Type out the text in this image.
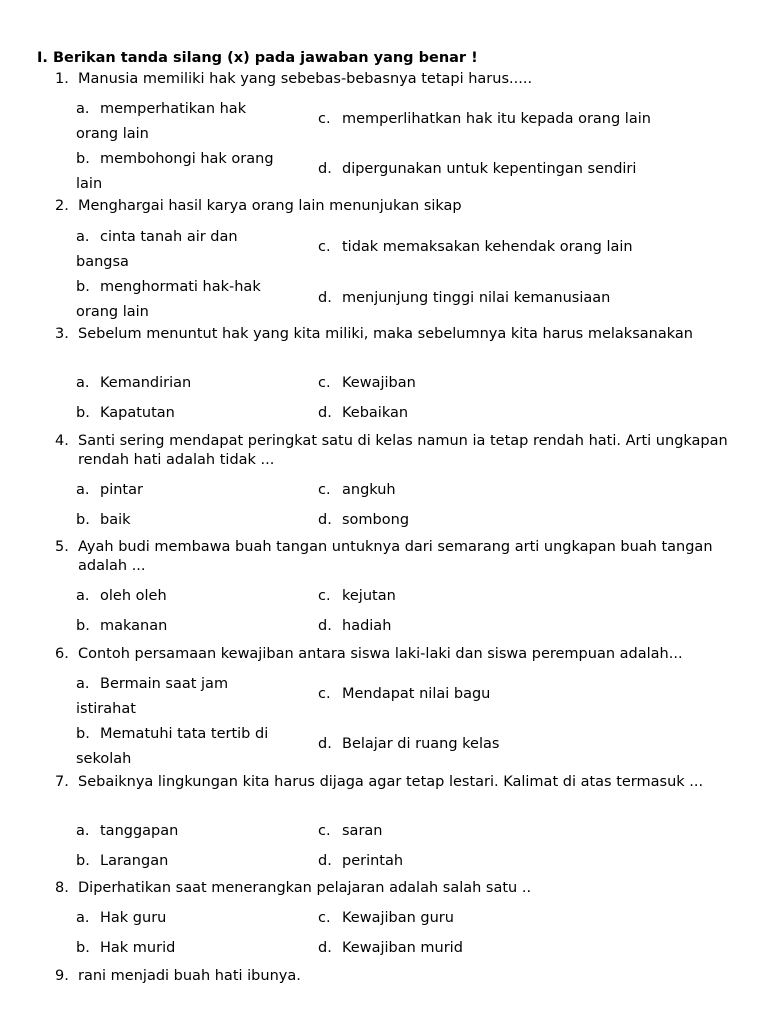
I. Berikan tanda silang (x) pada jawaban yang benar !
1. Manusia memiliki hak yang sebebas-bebasnya tetapi harus.....
a. memperhatikan hak
orang lain
b. membohongi hak orang
lain
c. memperlihatkan hak itu kepada orang lain
d. dipergunakan untuk kepentingan sendiri
2. Menghargai hasil karya orang lain menunjukan sikap
a. cinta tanah air dan
bangsa
b. menghormati hak-hak
orang lain
c. tidak memaksakan kehendak orang lain
d. menjunjung tinggi nilai kemanusiaan
3. Sebelum menuntut hak yang kita miliki, maka sebelumnya kita harus melaksanakan
a. Kemandirian
b. Kapatutan
c. Kewajiban
d. Kebaikan
4. Santi sering mendapat peringkat satu di kelas namun ia tetap rendah hati. Arti ungkapan rendah hati adalah tidak ...
a. pintar
b. baik
c. angkuh
d. sombong
5. Ayah budi membawa buah tangan untuknya dari semarang arti ungkapan buah tangan adalah ...
a. oleh oleh
b. makanan
c. kejutan
d. hadiah
6. Contoh persamaan kewajiban antara siswa laki-laki dan siswa perempuan adalah...
a. Bermain saat jam
istirahat
b. Mematuhi tata tertib di
sekolah
c. Mendapat nilai bagu
d. Belajar di ruang kelas
7. Sebaiknya lingkungan kita harus dijaga agar tetap lestari. Kalimat di atas termasuk ...
a. tanggapan
b. Larangan
c. saran
d. perintah
8. Diperhatikan saat menerangkan pelajaran adalah salah satu ..
a. Hak guru
b. Hak murid
c. Kewajiban guru
d. Kewajiban murid
9. rani menjadi buah hati ibunya.
